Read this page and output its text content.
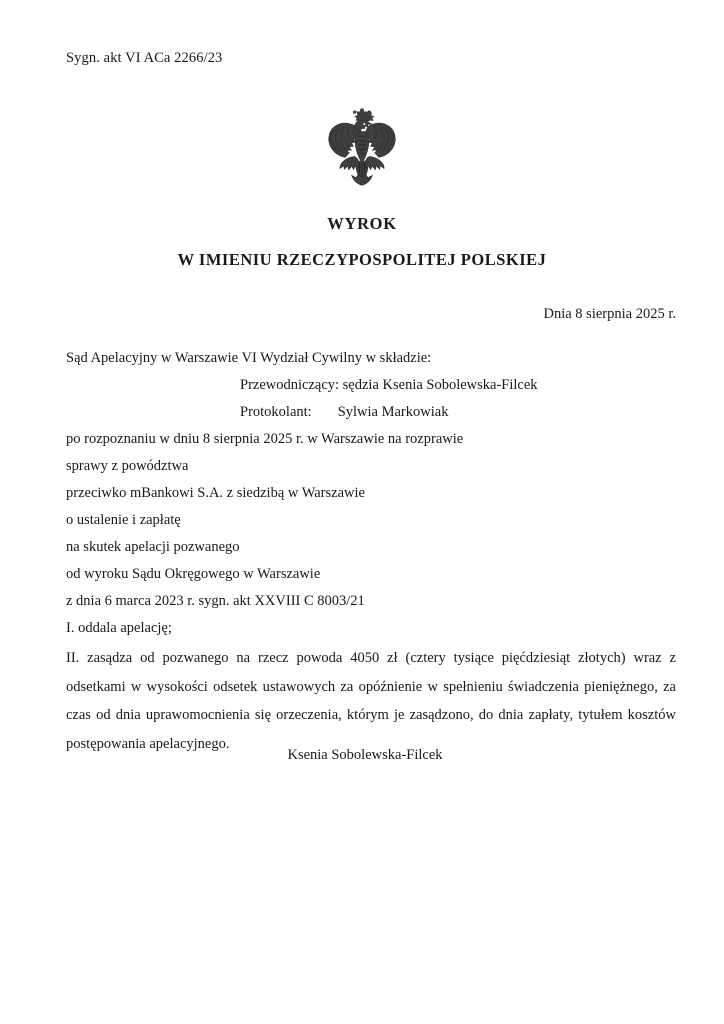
Sygn. akt VI ACa 2266/23
WYROK
W IMIENIU RZECZYPOSPOLITEJ POLSKIEJ
Dnia 8 sierpnia 2025 r.
Sąd Apelacyjny w Warszawie VI Wydział Cywilny w składzie:
Przewodniczący: sędzia Ksenia Sobolewska-Filcek
Protokolant: Sylwia Markowiak
po rozpoznaniu w dniu 8 sierpnia 2025 r. w Warszawie na rozprawie
sprawy z powództwa
przeciwko mBankowi S.A. z siedzibą w Warszawie
o ustalenie i zapłatę
na skutek apelacji pozwanego
od wyroku Sądu Okręgowego w Warszawie
z dnia 6 marca 2023 r. sygn. akt XXVIII C 8003/21
I. oddala apelację;
II. zasądza od pozwanego na rzecz powoda 4050 zł (cztery tysiące pięćdziesiąt złotych) wraz z odsetkami w wysokości odsetek ustawowych za opóźnienie w spełnieniu świadczenia pieniężnego, za czas od dnia uprawomocnienia się orzeczenia, którym je zasądzono, do dnia zapłaty, tytułem kosztów postępowania apelacyjnego.
Ksenia Sobolewska-Filcek
